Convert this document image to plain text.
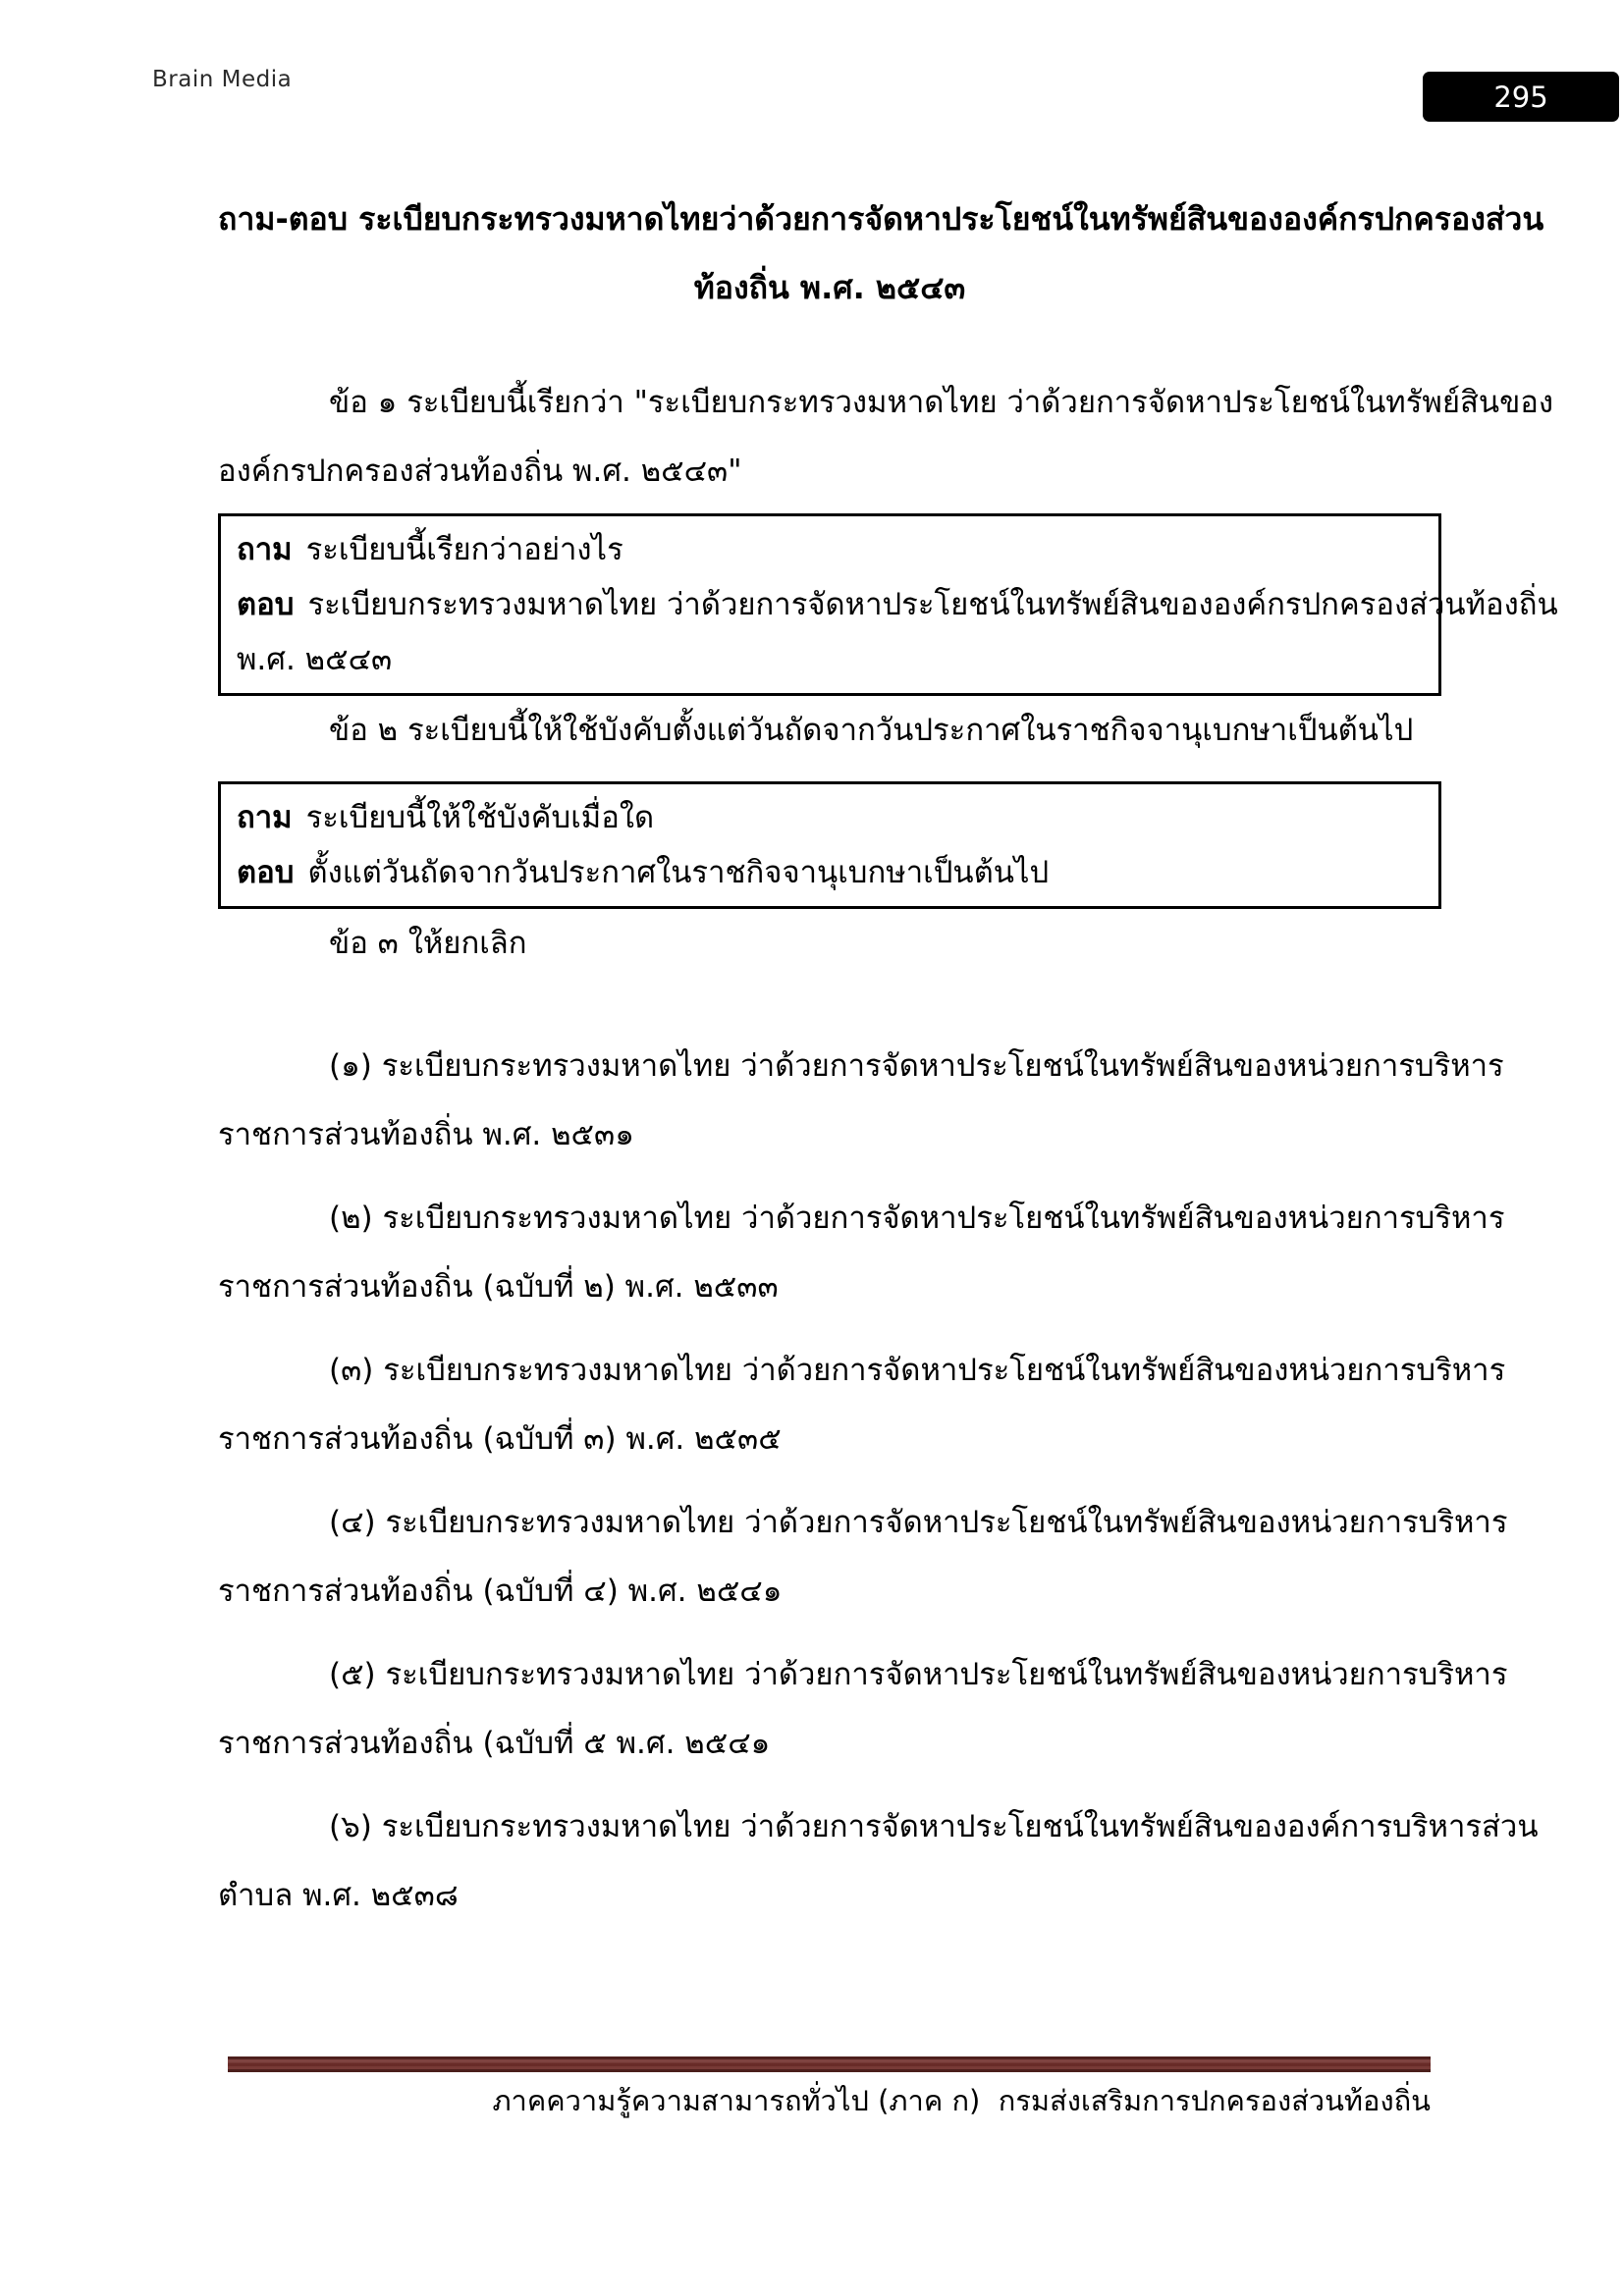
Brain Media
295
ถาม-ตอบ ระเบียบกระทรวงมหาดไทยว่าด้วยการจัดหาประโยชน์ในทรัพย์สินขององค์กรปกครองส่วน
ท้องถิ่น พ.ศ. ๒๕๔๓
ข้อ ๑ ระเบียบนี้เรียกว่า "ระเบียบกระทรวงมหาดไทย ว่าด้วยการจัดหาประโยชน์ในทรัพย์สินของ
องค์กรปกครองส่วนท้องถิ่น พ.ศ. ๒๕๔๓"
ถาม ระเบียบนี้เรียกว่าอย่างไร
ตอบ ระเบียบกระทรวงมหาดไทย ว่าด้วยการจัดหาประโยชน์ในทรัพย์สินขององค์กรปกครองส่วนท้องถิ่น
พ.ศ. ๒๕๔๓
ข้อ ๒ ระเบียบนี้ให้ใช้บังคับตั้งแต่วันถัดจากวันประกาศในราชกิจจานุเบกษาเป็นต้นไป
ถาม ระเบียบนี้ให้ใช้บังคับเมื่อใด
ตอบ ตั้งแต่วันถัดจากวันประกาศในราชกิจจานุเบกษาเป็นต้นไป
ข้อ ๓ ให้ยกเลิก
(๑) ระเบียบกระทรวงมหาดไทย ว่าด้วยการจัดหาประโยชน์ในทรัพย์สินของหน่วยการบริหาร
ราชการส่วนท้องถิ่น พ.ศ. ๒๕๓๑
(๒) ระเบียบกระทรวงมหาดไทย ว่าด้วยการจัดหาประโยชน์ในทรัพย์สินของหน่วยการบริหาร
ราชการส่วนท้องถิ่น (ฉบับที่ ๒) พ.ศ. ๒๕๓๓
(๓) ระเบียบกระทรวงมหาดไทย ว่าด้วยการจัดหาประโยชน์ในทรัพย์สินของหน่วยการบริหาร
ราชการส่วนท้องถิ่น (ฉบับที่ ๓) พ.ศ. ๒๕๓๕
(๔) ระเบียบกระทรวงมหาดไทย ว่าด้วยการจัดหาประโยชน์ในทรัพย์สินของหน่วยการบริหาร
ราชการส่วนท้องถิ่น (ฉบับที่ ๔) พ.ศ. ๒๕๔๑
(๕) ระเบียบกระทรวงมหาดไทย ว่าด้วยการจัดหาประโยชน์ในทรัพย์สินของหน่วยการบริหาร
ราชการส่วนท้องถิ่น (ฉบับที่ ๕ พ.ศ. ๒๕๔๑
(๖) ระเบียบกระทรวงมหาดไทย ว่าด้วยการจัดหาประโยชน์ในทรัพย์สินขององค์การบริหารส่วน
ตำบล พ.ศ. ๒๕๓๘
ภาคความรู้ความสามารถทั่วไป (ภาค ก)  กรมส่งเสริมการปกครองส่วนท้องถิ่น
